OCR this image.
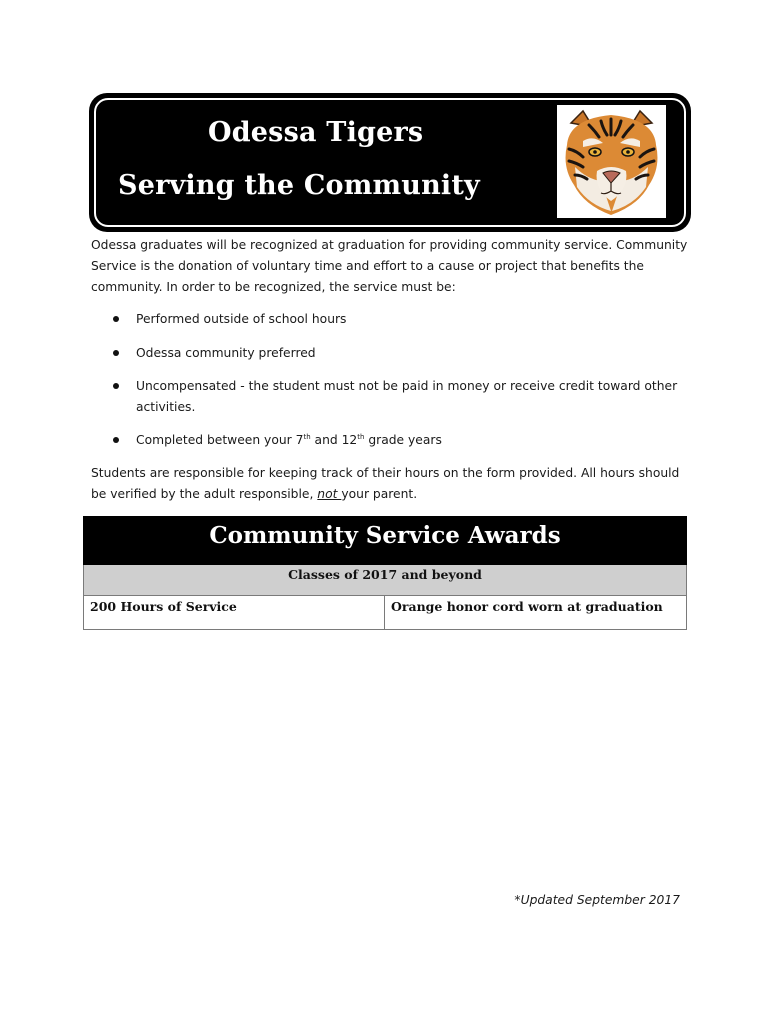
Odessa Tigers
Serving the Community

Odessa graduates will be recognized at graduation for providing community service. Community Service is the donation of voluntary time and effort to a cause or project that benefits the community. In order to be recognized, the service must be:

Performed outside of school hours
Odessa community preferred
Uncompensated - the student must not be paid in money or receive credit toward other activities.
Completed between your 7th and 12th grade years

Students are responsible for keeping track of their hours on the form provided. All hours should be verified by the adult responsible, not your parent.

Community Service Awards
Classes of 2017 and beyond
200 Hours of Service	Orange honor cord worn at graduation
*Updated September 2017
